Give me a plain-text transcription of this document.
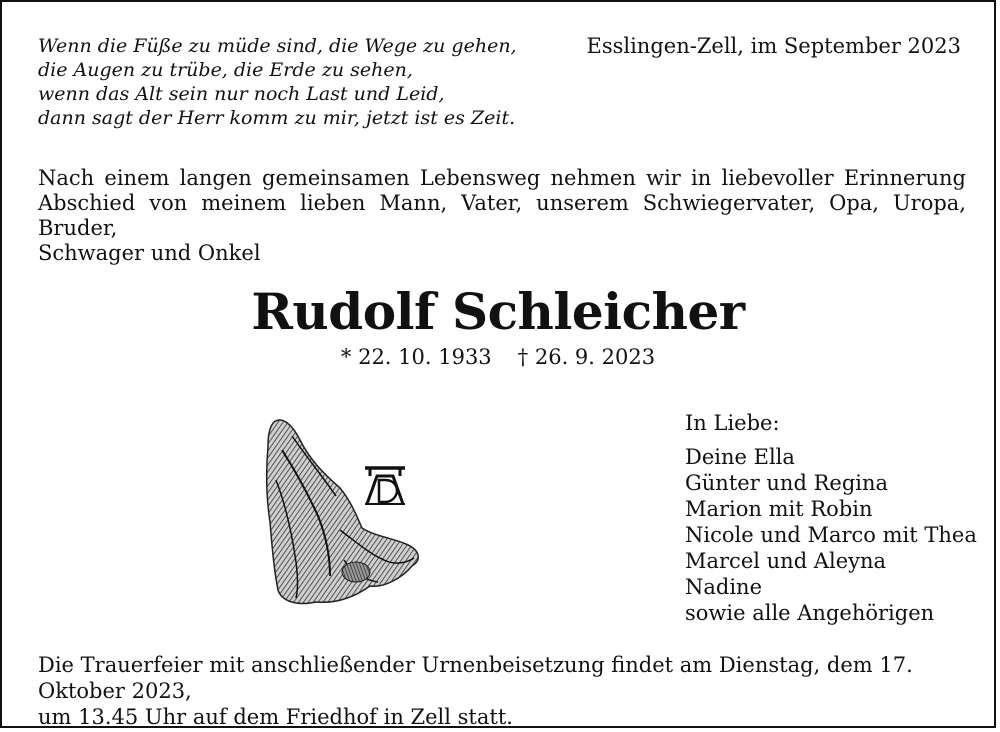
Wenn die Füße zu müde sind, die Wege zu gehen,
die Augen zu trübe, die Erde zu sehen,
wenn das Alt sein nur noch Last und Leid,
dann sagt der Herr komm zu mir, jetzt ist es Zeit.
Esslingen-Zell, im September 2023
Nach einem langen gemeinsamen Lebensweg nehmen wir in liebevoller Erinnerung
Abschied von meinem lieben Mann, Vater, unserem Schwiegervater, Opa, Uropa, Bruder,
Schwager und Onkel
Rudolf Schleicher
* 22. 10. 1933 † 26. 9. 2023
In Liebe:
Deine Ella
Günter und Regina
Marion mit Robin
Nicole und Marco mit Thea
Marcel und Aleyna
Nadine
sowie alle Angehörigen
Die Trauerfeier mit anschließender Urnenbeisetzung findet am Dienstag, dem 17. Oktober 2023,
um 13.45 Uhr auf dem Friedhof in Zell statt.
